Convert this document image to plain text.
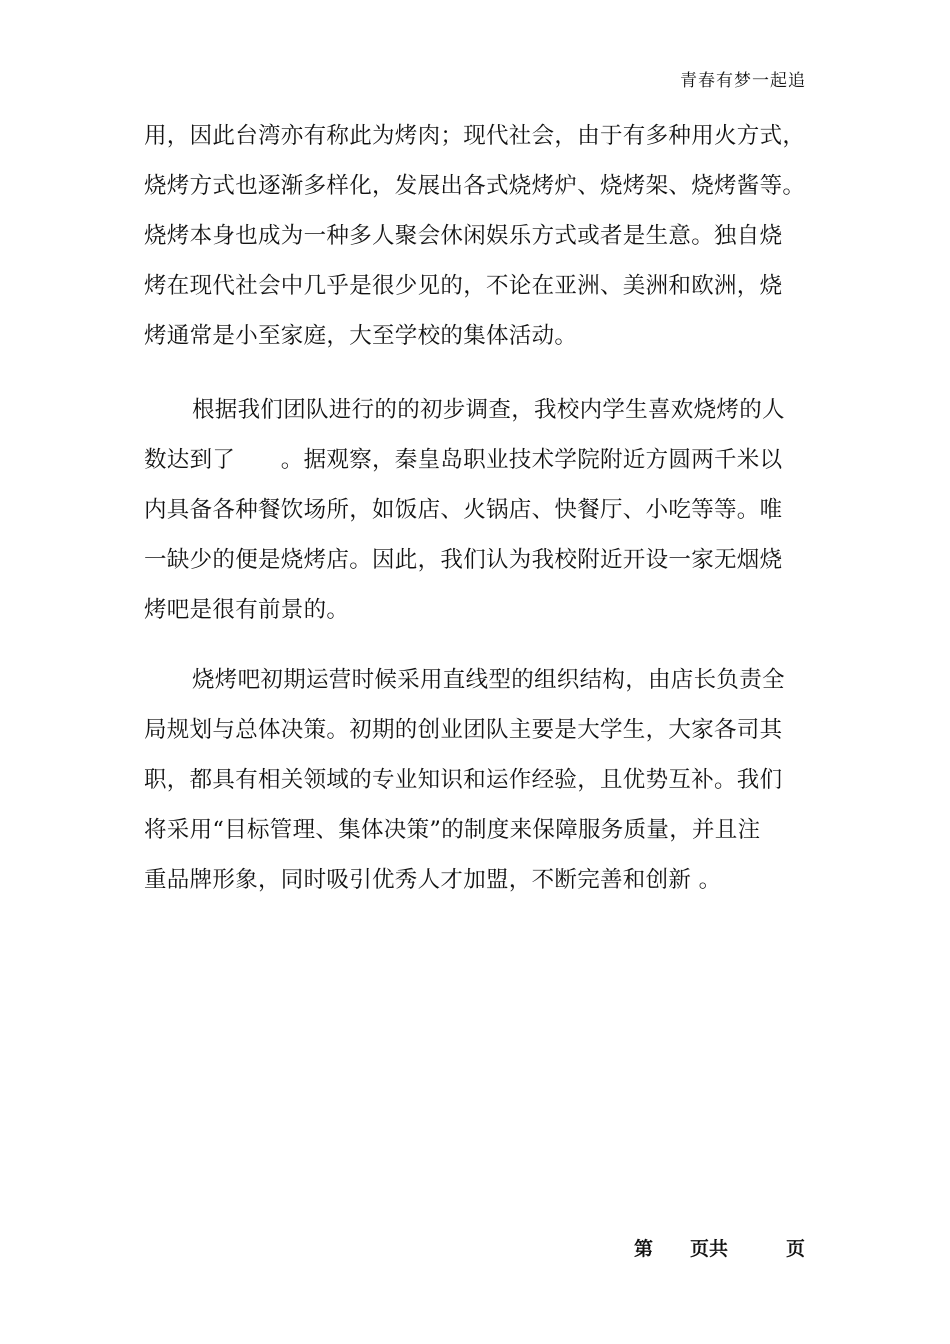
青春有梦一起追
用，因此台湾亦有称此为烤肉；现代社会，由于有多种用火方式，
烧烤方式也逐渐多样化，发展出各式烧烤炉、烧烤架、烧烤酱等。
烧烤本身也成为一种多人聚会休闲娱乐方式或者是生意。独自烧
烤在现代社会中几乎是很少见的，不论在亚洲、美洲和欧洲，烧
烤通常是小至家庭，大至学校的集体活动。
根据我们团队进行的的初步调查，我校内学生喜欢烧烤的人
数达到了　　。据观察，秦皇岛职业技术学院附近方圆两千米以
内具备各种餐饮场所，如饭店、火锅店、快餐厅、小吃等等。唯
一缺少的便是烧烤店。因此，我们认为我校附近开设一家无烟烧
烤吧是很有前景的。
烧烤吧初期运营时候采用直线型的组织结构，由店长负责全
局规划与总体决策。初期的创业团队主要是大学生，大家各司其
职，都具有相关领域的专业知识和运作经验，且优势互补。我们
将采用“目标管理、集体决策”的制度来保障服务质量，并且注
重品牌形象，同时吸引优秀人才加盟，不断完善和创新 。
第 页共	页
